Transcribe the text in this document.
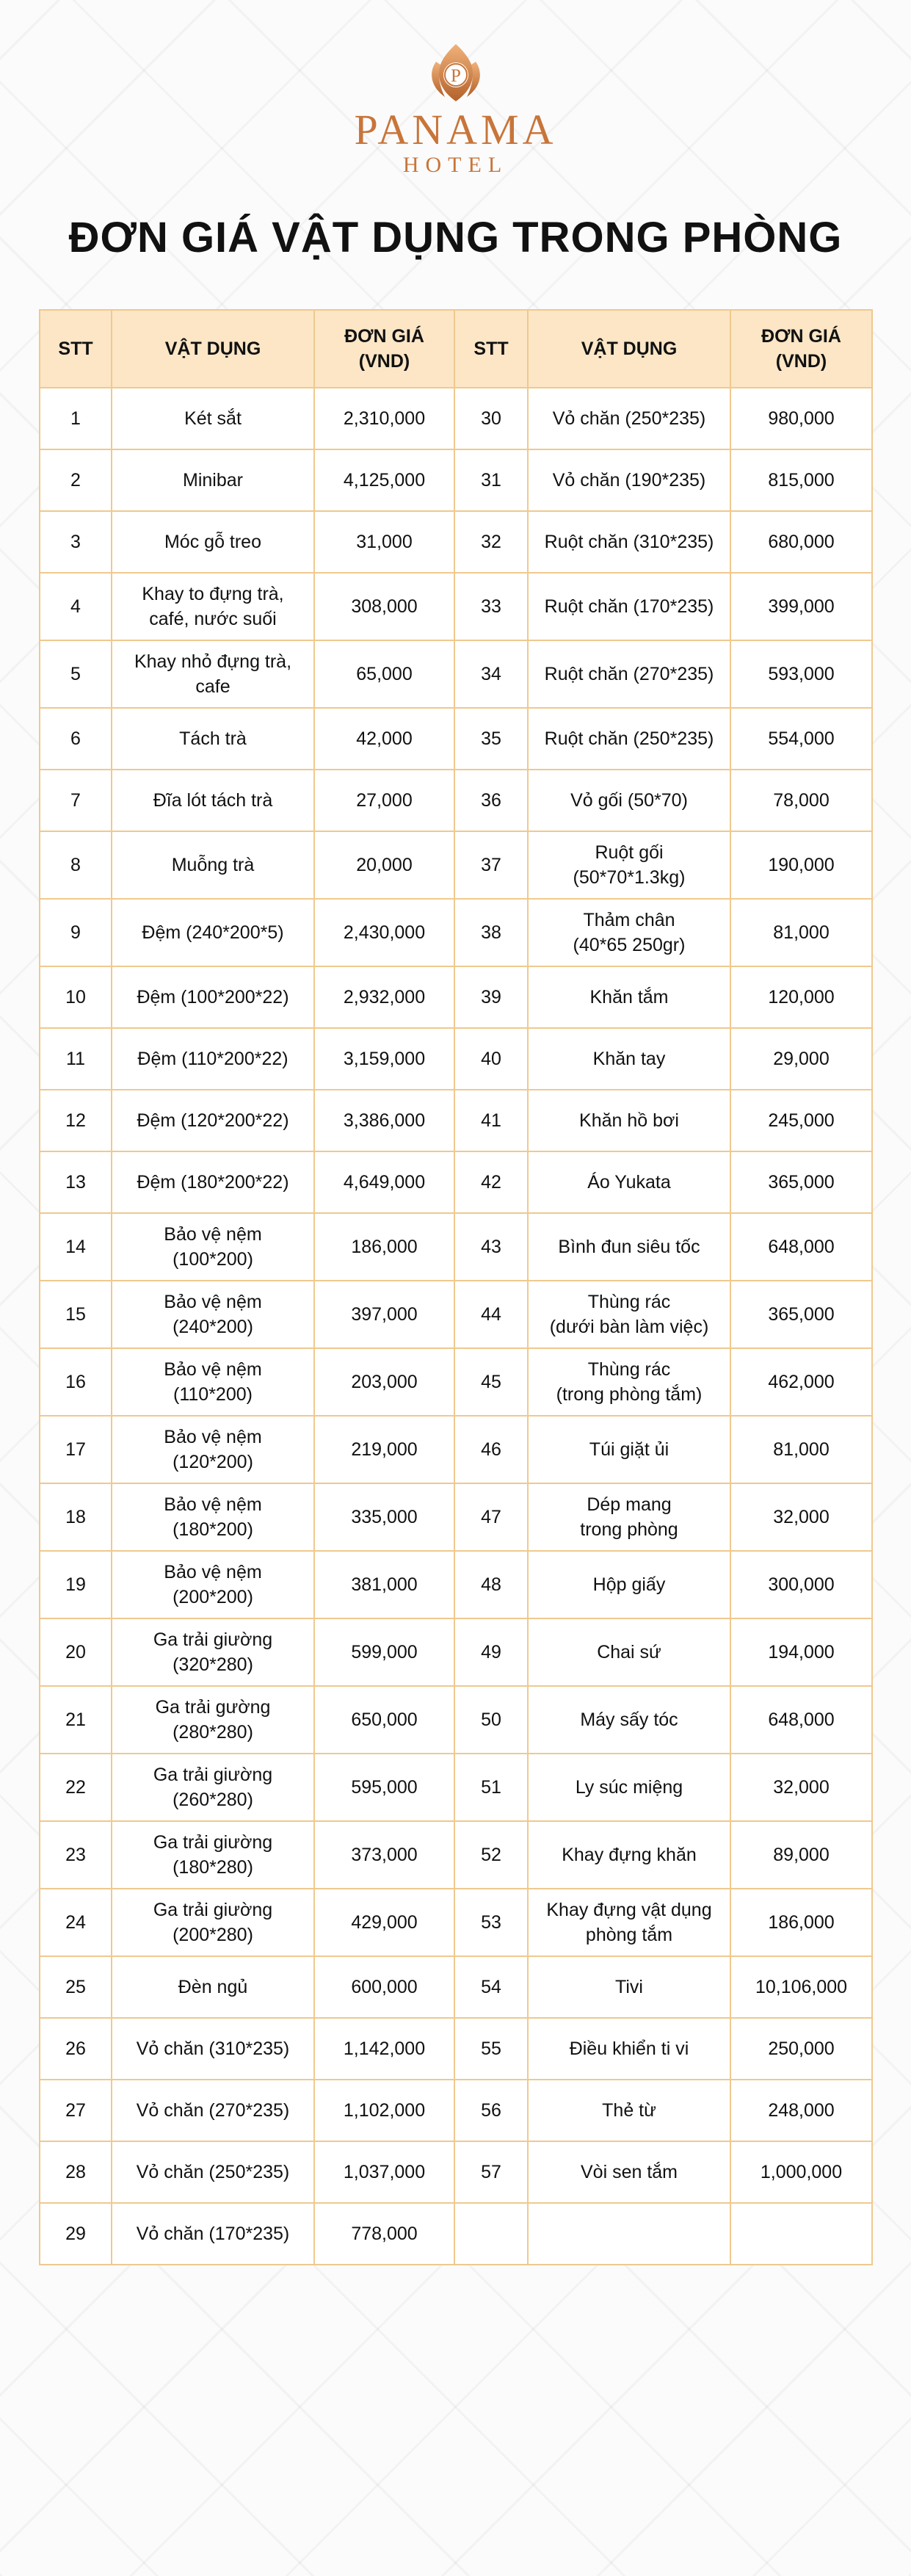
P
PANAMA
HOTEL
ĐƠN GIÁ VẬT DỤNG TRONG PHÒNG
STT	VẬT DỤNG	ĐƠN GIÁ
(VND)	STT	VẬT DỤNG	ĐƠN GIÁ
(VND)
1	Két sắt	2,310,000	30	Vỏ chăn (250*235)	980,000
2	Minibar	4,125,000	31	Vỏ chăn (190*235)	815,000
3	Móc gỗ treo	31,000	32	Ruột chăn (310*235)	680,000
4	Khay to đựng trà,
café, nước suối	308,000	33	Ruột chăn (170*235)	399,000
5	Khay nhỏ đựng trà,
cafe	65,000	34	Ruột chăn (270*235)	593,000
6	Tách trà	42,000	35	Ruột chăn (250*235)	554,000
7	Đĩa lót tách trà	27,000	36	Vỏ gối (50*70)	78,000
8	Muỗng trà	20,000	37	Ruột gối
(50*70*1.3kg)	190,000
9	Đệm (240*200*5)	2,430,000	38	Thảm chân
(40*65 250gr)	81,000
10	Đệm (100*200*22)	2,932,000	39	Khăn tắm	120,000
11	Đệm (110*200*22)	3,159,000	40	Khăn tay	29,000
12	Đệm (120*200*22)	3,386,000	41	Khăn hồ bơi	245,000
13	Đệm (180*200*22)	4,649,000	42	Áo Yukata	365,000
14	Bảo vệ nệm
(100*200)	186,000	43	Bình đun siêu tốc	648,000
15	Bảo vệ nệm
(240*200)	397,000	44	Thùng rác
(dưới bàn làm việc)	365,000
16	Bảo vệ nệm
(110*200)	203,000	45	Thùng rác
(trong phòng tắm)	462,000
17	Bảo vệ nệm
(120*200)	219,000	46	Túi giặt ủi	81,000
18	Bảo vệ nệm
(180*200)	335,000	47	Dép mang
trong phòng	32,000
19	Bảo vệ nệm
(200*200)	381,000	48	Hộp giấy	300,000
20	Ga trải giường
(320*280)	599,000	49	Chai sứ	194,000
21	Ga trải gường
(280*280)	650,000	50	Máy sấy tóc	648,000
22	Ga trải giường
(260*280)	595,000	51	Ly súc miệng	32,000
23	Ga trải giường
(180*280)	373,000	52	Khay đựng khăn	89,000
24	Ga trải giường
(200*280)	429,000	53	Khay đựng vật dụng
phòng tắm	186,000
25	Đèn ngủ	600,000	54	Tivi	10,106,000
26	Vỏ chăn (310*235)	1,142,000	55	Điều khiển ti vi	250,000
27	Vỏ chăn (270*235)	1,102,000	56	Thẻ từ	248,000
28	Vỏ chăn (250*235)	1,037,000	57	Vòi sen tắm	1,000,000
29	Vỏ chăn (170*235)	778,000			
